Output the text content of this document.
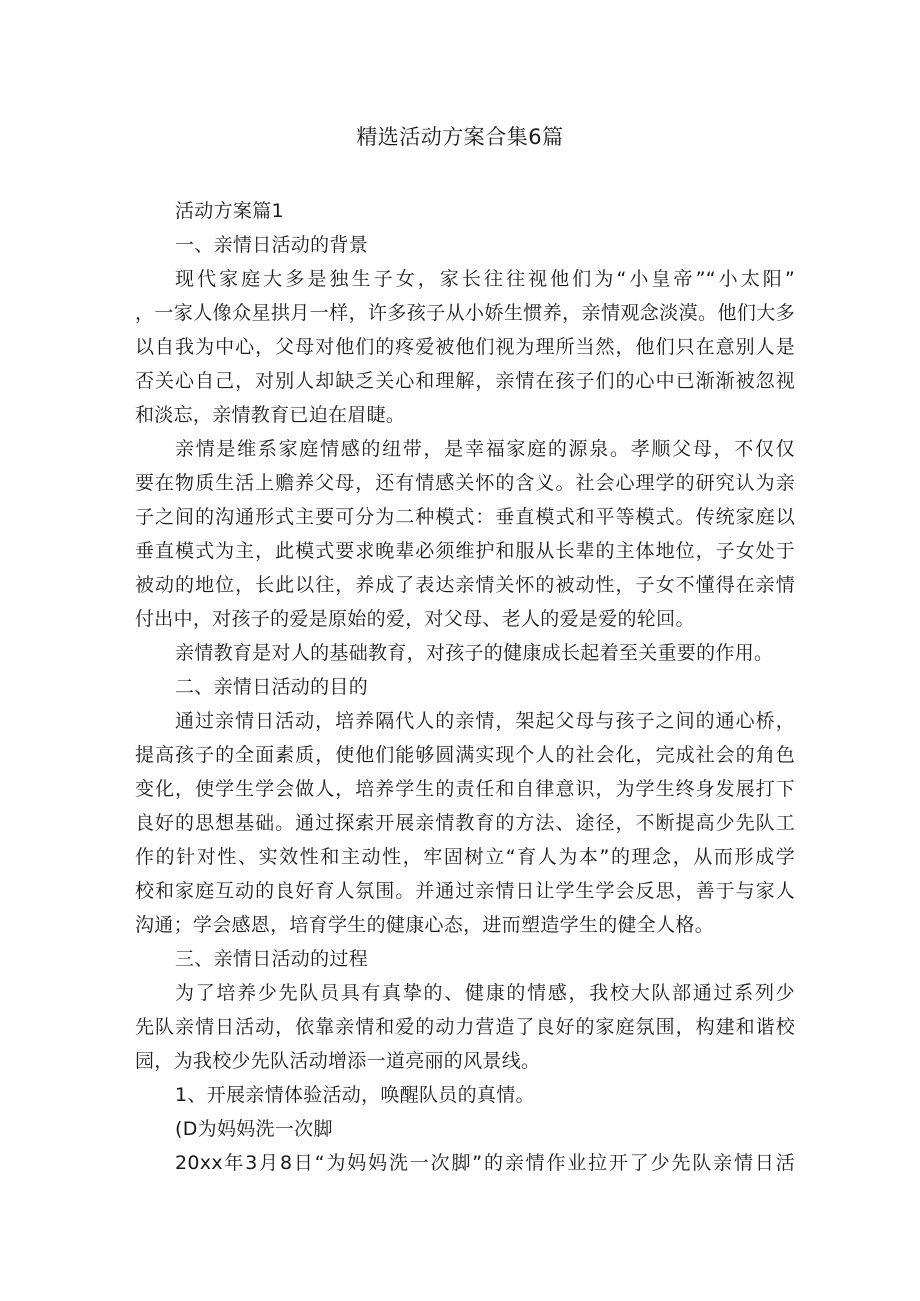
精选活动方案合集6篇
活动方案篇1
一、亲情日活动的背景
现代家庭大多是独生子女，家长往往视他们为“小皇帝”“小太阳”
，一家人像众星拱月一样，许多孩子从小娇生惯养，亲情观念淡漠。他们大多
以自我为中心，父母对他们的疼爱被他们视为理所当然，他们只在意别人是
否关心自己，对别人却缺乏关心和理解，亲情在孩子们的心中已渐渐被忽视
和淡忘，亲情教育已迫在眉睫。
亲情是维系家庭情感的纽带，是幸福家庭的源泉。孝顺父母，不仅仅
要在物质生活上赡养父母，还有情感关怀的含义。社会心理学的研究认为亲
子之间的沟通形式主要可分为二种模式：垂直模式和平等模式。传统家庭以
垂直模式为主，此模式要求晚辈必须维护和服从长辈的主体地位，子女处于
被动的地位，长此以往，养成了表达亲情关怀的被动性，子女不懂得在亲情
付出中，对孩子的爱是原始的爱，对父母、老人的爱是爱的轮回。
亲情教育是对人的基础教育，对孩子的健康成长起着至关重要的作用。
二、亲情日活动的目的
通过亲情日活动，培养隔代人的亲情，架起父母与孩子之间的通心桥，
提高孩子的全面素质，使他们能够圆满实现个人的社会化，完成社会的角色
变化，使学生学会做人，培养学生的责任和自律意识，为学生终身发展打下
良好的思想基础。通过探索开展亲情教育的方法、途径，不断提高少先队工
作的针对性、实效性和主动性，牢固树立“育人为本”的理念，从而形成学
校和家庭互动的良好育人氛围。并通过亲情日让学生学会反思，善于与家人
沟通；学会感恩，培育学生的健康心态，进而塑造学生的健全人格。
三、亲情日活动的过程
为了培养少先队员具有真挚的、健康的情感，我校大队部通过系列少
先队亲情日活动，依靠亲情和爱的动力营造了良好的家庭氛围，构建和谐校
园，为我校少先队活动增添一道亮丽的风景线。
1、开展亲情体验活动，唤醒队员的真情。
(D为妈妈洗一次脚
20xx年3月8日“为妈妈洗一次脚”的亲情作业拉开了少先队亲情日活
